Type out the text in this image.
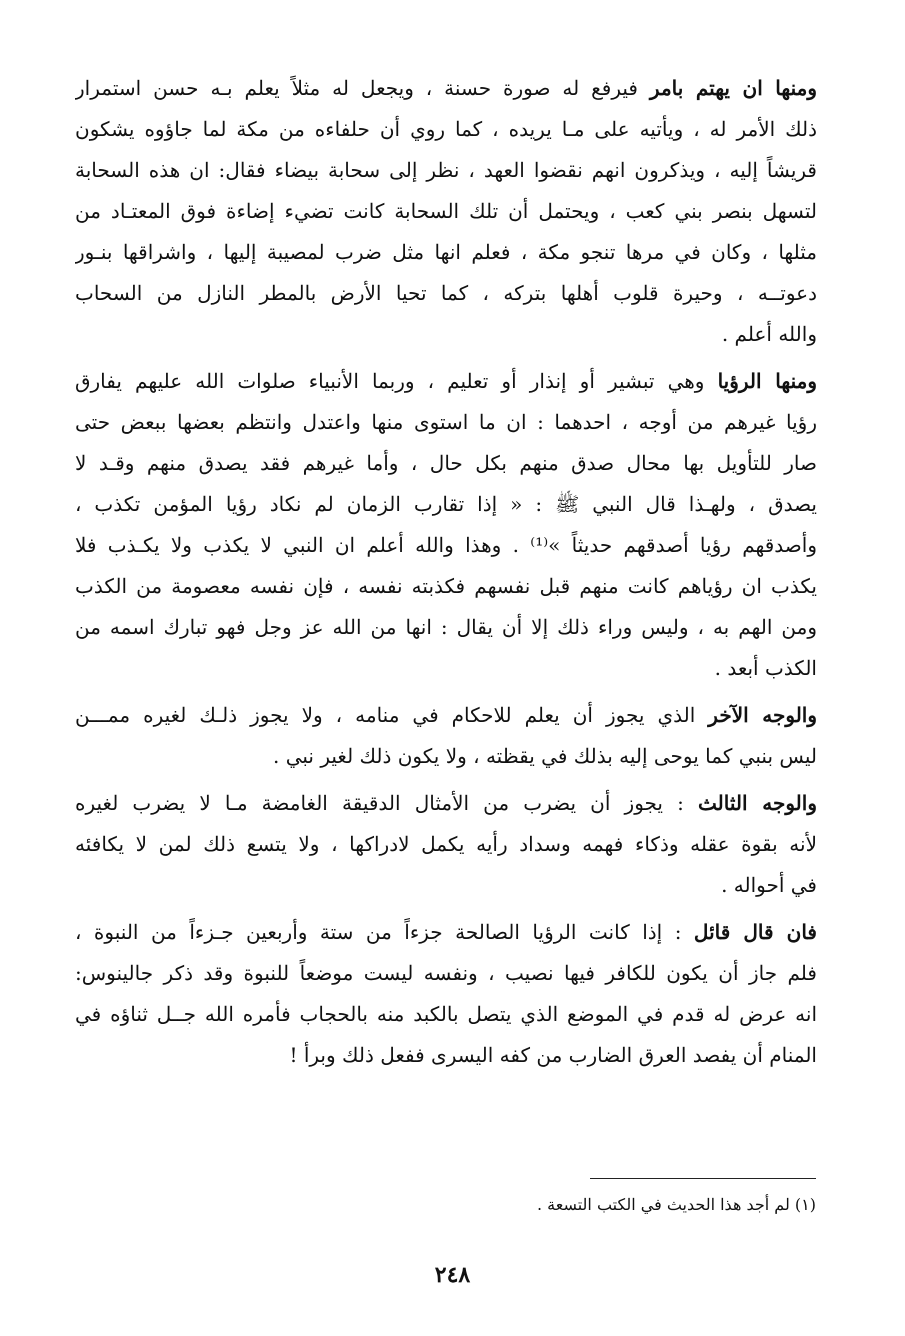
ومنها ان يهتم بامر فيرفع له صورة حسنة ، ويجعل له مثلاً يعلم بـه حسن استمرار

ذلك الأمر له ، ويأتيه على مـا يريده ، كما روي أن حلفاءه من مكة لما جاؤوه يشكون

قريشاً إليه ، ويذكرون انهم نقضوا العهد ، نظر إلى سحابة بيضاء فقال: ان هذه السحابة

لتسهل بنصر بني كعب ، ويحتمل أن تلك السحابة كانت تضيء إضاءة فوق المعتـاد من

مثلها ، وكان في مرها تنجو مكة ، فعلم انها مثل ضرب لمصيبة إليها ، واشراقها بنـور

دعوتــه ، وحيرة قلوب أهلها بتركه ، كما تحيا الأرض بالمطر النازل من السحاب

والله أعلم .

ومنها الرؤيا وهي تبشير أو إنذار أو تعليم ، وربما الأنبياء صلوات الله عليهم يفارق

رؤيا غيرهم من أوجه ، احدهما : ان ما استوى منها واعتدل وانتظم بعضها ببعض حتى

صار للتأويل بها محال صدق منهم بكل حال ، وأما غيرهم فقد يصدق منهم وقـد لا

يصدق ، ولهـذا قال النبي ﷺ : « إذا تقارب الزمان لم نكاد رؤيا المؤمن تكذب ،

وأصدقهم رؤيا أصدقهم حديثاً »⁽¹⁾ . وهذا والله أعلم ان النبي لا يكذب ولا يكـذب فلا

يكذب ان رؤياهم كانت منهم قبل نفسهم فكذبته نفسه ، فإن نفسه معصومة من الكذب

ومن الهم به ، وليس وراء ذلك إلا أن يقال : انها من الله عز وجل فهو تبارك اسمه من

الكذب أبعد .

والوجه الآخر الذي يجوز أن يعلم للاحكام في منامه ، ولا يجوز ذلـك لغيره ممـــن

ليس بنبي كما يوحى إليه بذلك في يقظته ، ولا يكون ذلك لغير نبي .

والوجه الثالث : يجوز أن يضرب من الأمثال الدقيقة الغامضة مـا لا يضرب لغيره

لأنه بقوة عقله وذكاء فهمه وسداد رأيه يكمل لادراكها ، ولا يتسع ذلك لمن لا يكافئه

في أحواله .

فان قال قائل : إذا كانت الرؤيا الصالحة جزءاً من ستة وأربعين جـزءاً من النبوة ،

فلم جاز أن يكون للكافر فيها نصيب ، ونفسه ليست موضعاً للنبوة وقد ذكر جالينوس:

انه عرض له قدم في الموضع الذي يتصل بالكبد منه بالحجاب فأمره الله جــل ثناؤه في

المنام أن يفصد العرق الضارب من كفه اليسرى ففعل ذلك وبرأ !

(١) لم أجد هذا الحديث في الكتب التسعة .
٢٤٨
